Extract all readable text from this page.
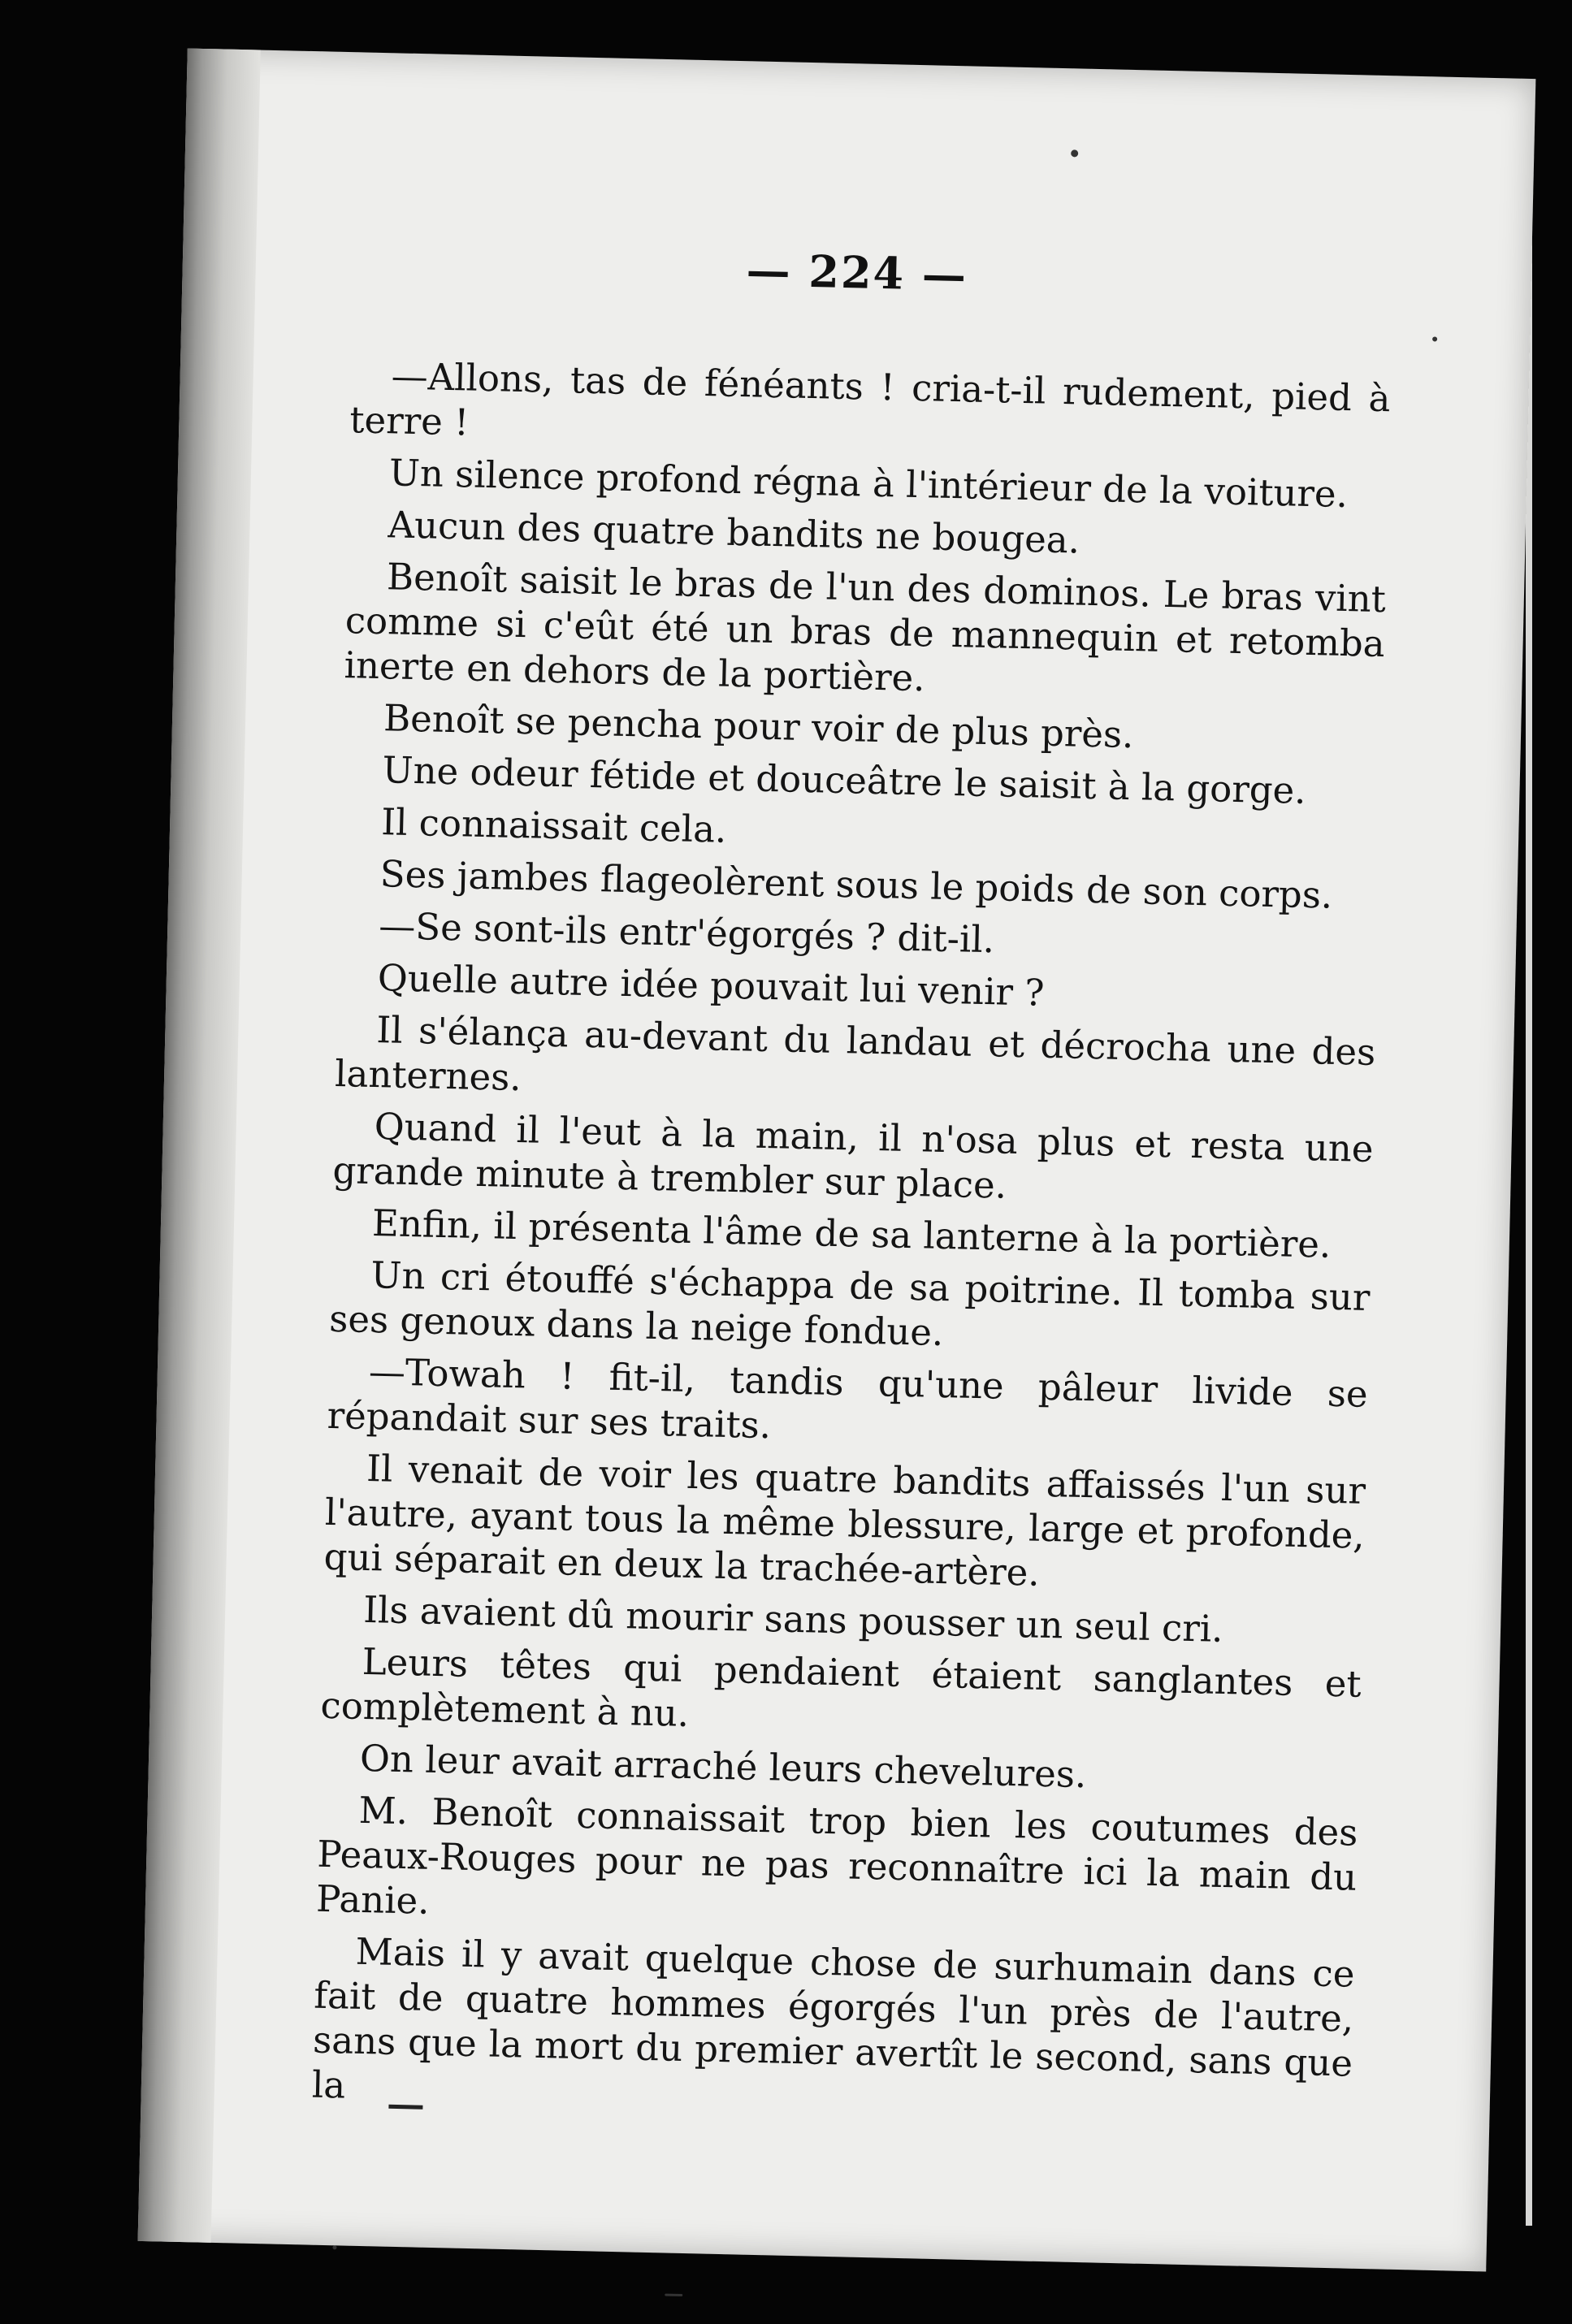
— 224 —

—Allons, tas de fénéants ! cria-t-il rudement, pied à terre !

Un silence profond régna à l'intérieur de la voiture.

Aucun des quatre bandits ne bougea.

Benoît saisit le bras de l'un des dominos. Le bras vint comme si c'eût été un bras de mannequin et retomba inerte en dehors de la portière.

Benoît se pencha pour voir de plus près.

Une odeur fétide et douceâtre le saisit à la gorge.

Il connaissait cela.

Ses jambes flageolèrent sous le poids de son corps.

—Se sont-ils entr'égorgés ? dit-il.

Quelle autre idée pouvait lui venir ?

Il s'élança au-devant du landau et décrocha une des lanternes.

Quand il l'eut à la main, il n'osa plus et resta une grande minute à trembler sur place.

Enfin, il présenta l'âme de sa lanterne à la portière.

Un cri étouffé s'échappa de sa poitrine. Il tomba sur ses genoux dans la neige fondue.

—Towah ! fit-il, tandis qu'une pâleur livide se répandait sur ses traits.

Il venait de voir les quatre bandits affaissés l'un sur l'autre, ayant tous la même blessure, large et profonde, qui séparait en deux la trachée-artère.

Ils avaient dû mourir sans pousser un seul cri.

Leurs têtes qui pendaient étaient sanglantes et complètement à nu.

On leur avait arraché leurs chevelures.

M. Benoît connaissait trop bien les coutumes des Peaux-Rouges pour ne pas reconnaître ici la main du Panie.

Mais il y avait quelque chose de surhumain dans ce fait de quatre hommes égorgés l'un près de l'autre, sans que la mort du premier avertît le second, sans que la
